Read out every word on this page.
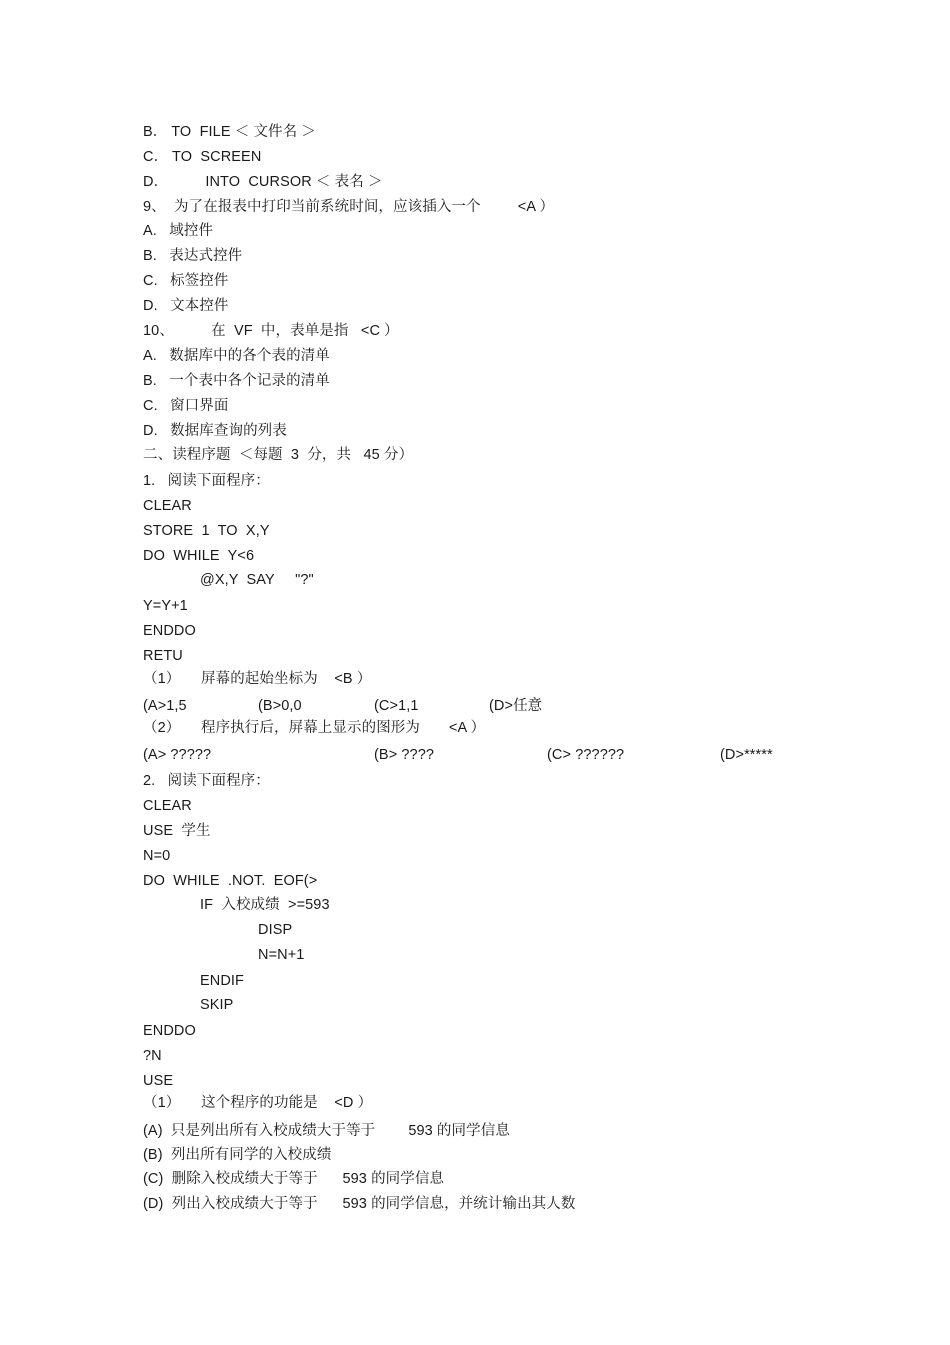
B． TO  FILE ＜ 文件名 ＞
C． TO  SCREEN
D．         INTO  CURSOR ＜ 表名 ＞
9、  为了在报表中打印当前系统时间，应该插入一个         <A ）
A.   域控件
B.   表达式控件
C.   标签控件
D.   文本控件
10、         在  VF  中，表单是指   <C ）
A.   数据库中的各个表的清单
B.   一个表中各个记录的清单
C.   窗口界面
D.   数据库查询的列表
二、读程序题  ＜每题  3  分，共   45 分）
1.   阅读下面程序：
CLEAR
STORE  1  TO  X,Y
DO  WHILE  Y<6
@X,Y  SAY     "?"
Y=Y+1
ENDDO
RETU
（1）     屏幕的起始坐标为    <B ）
(A>1,5	(B>0,0	(C>1,1	(D>任意
（2）     程序执行后，屏幕上显示的图形为       <A ）
(A> ?????	(B> ????	(C> ??????	(D>*****
2.   阅读下面程序：
CLEAR
USE  学生
N=0
DO  WHILE  .NOT.  EOF(>
IF  入校成绩  >=593
DISP
N=N+1
ENDIF
SKIP
ENDDO
?N
USE
（1）     这个程序的功能是    <D ）
(A)  只是列出所有入校成绩大于等于        593 的同学信息
(B)  列出所有同学的入校成绩
(C)  删除入校成绩大于等于      593 的同学信息
(D)  列出入校成绩大于等于      593 的同学信息，并统计输出其人数
